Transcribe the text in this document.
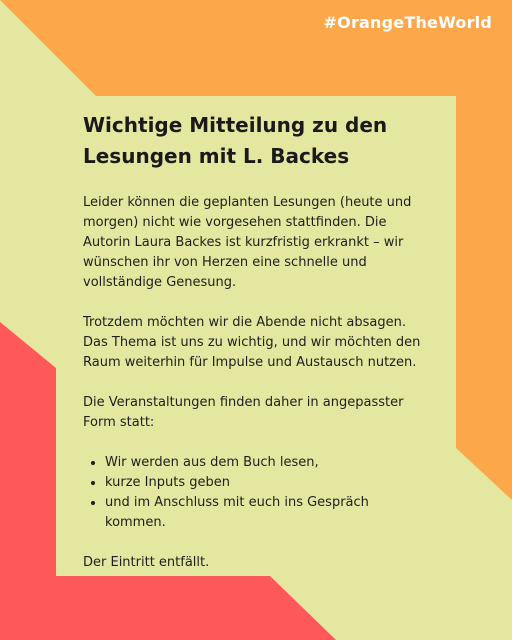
#OrangeTheWorld
Wichtige Mitteilung zu den Lesungen mit L. Backes

Leider können die geplanten Lesungen (heute und morgen) nicht wie vorgesehen stattfinden. Die Autorin Laura Backes ist kurzfristig erkrankt – wir wünschen ihr von Herzen eine schnelle und vollständige Genesung.

Trotzdem möchten wir die Abende nicht absagen. Das Thema ist uns zu wichtig, und wir möchten den Raum weiterhin für Impulse und Austausch nutzen.

Die Veranstaltungen finden daher in angepasster Form statt:

• Wir werden aus dem Buch lesen,
• kurze Inputs geben
• und im Anschluss mit euch ins Gespräch kommen.

Der Eintritt entfällt.
